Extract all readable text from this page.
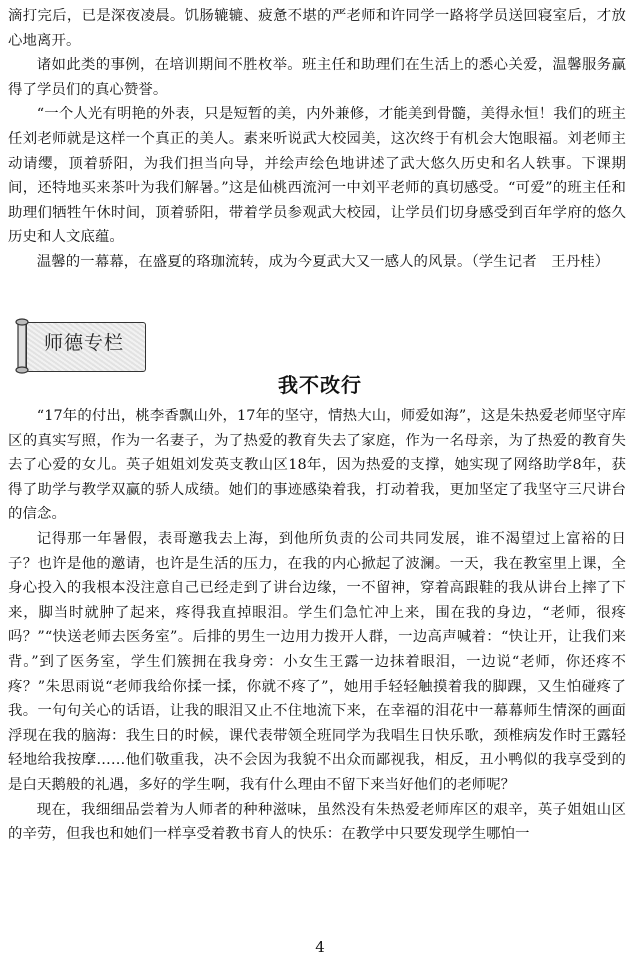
滴打完后，已是深夜凌晨。饥肠辘辘、疲惫不堪的严老师和许同学一路将学员送回寝室后，才放心地离开。

诸如此类的事例，在培训期间不胜枚举。班主任和助理们在生活上的悉心关爱，温馨服务赢得了学员们的真心赞誉。

“一个人光有明艳的外表，只是短暂的美，内外兼修，才能美到骨髓，美得永恒！我们的班主任刘老师就是这样一个真正的美人。素来听说武大校园美，这次终于有机会大饱眼福。刘老师主动请缨，顶着骄阳，为我们担当向导，并绘声绘色地讲述了武大悠久历史和名人轶事。下课期间，还特地买来茶叶为我们解暑。”这是仙桃西流河一中刘平老师的真切感受。“可爱”的班主任和助理们牺牲午休时间，顶着骄阳，带着学员参观武大校园，让学员们切身感受到百年学府的悠久历史和人文底蕴。

温馨的一幕幕，在盛夏的珞珈流转，成为今夏武大又一感人的风景。（学生记者　王丹桂）

师德专栏
我不改行

“17年的付出，桃李香飘山外，17年的坚守，情热大山，师爱如海”，这是朱热爱老师坚守库区的真实写照，作为一名妻子，为了热爱的教育失去了家庭，作为一名母亲，为了热爱的教育失去了心爱的女儿。英子姐姐刘发英支教山区18年，因为热爱的支撑，她实现了网络助学8年，获得了助学与教学双赢的骄人成绩。她们的事迹感染着我，打动着我，更加坚定了我坚守三尺讲台的信念。

记得那一年暑假，表哥邀我去上海，到他所负责的公司共同发展，谁不渴望过上富裕的日子？也许是他的邀请，也许是生活的压力，在我的内心掀起了波澜。一天，我在教室里上课，全身心投入的我根本没注意自己已经走到了讲台边缘，一不留神，穿着高跟鞋的我从讲台上摔了下来，脚当时就肿了起来，疼得我直掉眼泪。学生们急忙冲上来，围在我的身边，“老师，很疼吗？”“快送老师去医务室”。后排的男生一边用力拨开人群，一边高声喊着：“快让开，让我们来背。”到了医务室，学生们簇拥在我身旁：小女生王露一边抹着眼泪，一边说“老师，你还疼不疼？”朱思雨说“老师我给你揉一揉，你就不疼了”，她用手轻轻触摸着我的脚踝，又生怕碰疼了我。一句句关心的话语，让我的眼泪又止不住地流下来，在幸福的泪花中一幕幕师生情深的画面浮现在我的脑海：我生日的时候，课代表带领全班同学为我唱生日快乐歌，颈椎病发作时王露轻轻地给我按摩……他们敬重我，决不会因为我貌不出众而鄙视我，相反，丑小鸭似的我享受到的是白天鹅般的礼遇，多好的学生啊，我有什么理由不留下来当好他们的老师呢？

现在，我细细品尝着为人师者的种种滋味，虽然没有朱热爱老师库区的艰辛，英子姐姐山区的辛劳，但我也和她们一样享受着教书育人的快乐：在教学中只要发现学生哪怕一

4
